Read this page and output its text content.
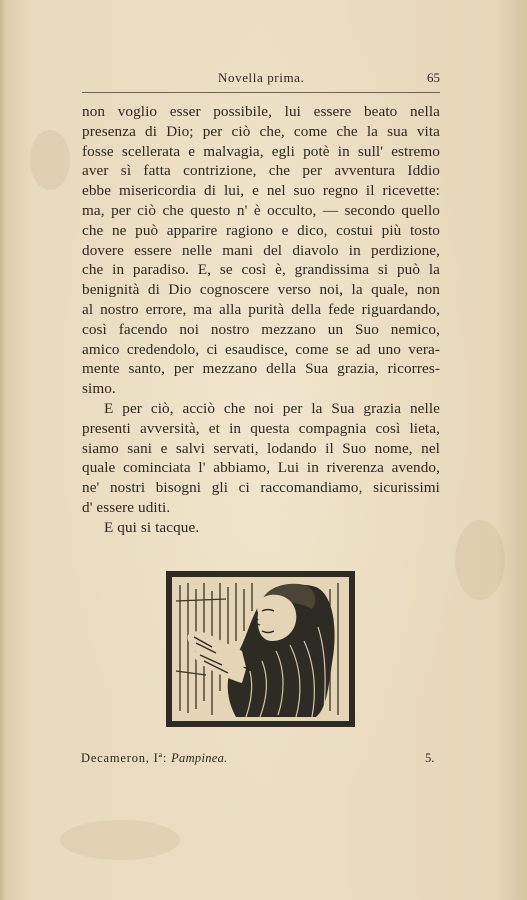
Novella prima.	65
non voglio esser possibile, lui essere beato nella
presenza di Dio; per ciò che, come che la sua vita
fosse scellerata e malvagia, egli potè in sull' estremo
aver sì fatta contrizione, che per avventura Iddio
ebbe misericordia di lui, e nel suo regno il ricevette:
ma, per ciò che questo n' è occulto, — secondo quello
che ne può apparire ragiono e dico, costui più tosto
dovere essere nelle mani del diavolo in perdizione,
che in paradiso. E, se così è, grandissima si può la
benignità di Dio cognoscere verso noi, la quale, non
al nostro errore, ma alla purità della fede riguardando,
così facendo noi nostro mezzano un Suo nemico,
amico credendolo, ci esaudisce, come se ad uno vera-
mente santo, per mezzano della Sua grazia, ricorres-
simo.
E per ciò, acciò che noi per la Sua grazia nelle
presenti avversità, et in questa compagnia così lieta,
siamo sani e salvi servati, lodando il Suo nome, nel
quale cominciata l' abbiamo, Lui in riverenza avendo,
ne' nostri bisogni gli ci raccomandiamo, sicurissimi
d' essere uditi.
E qui si tacque.
Decameron, Iª: Pampinea.	5.
